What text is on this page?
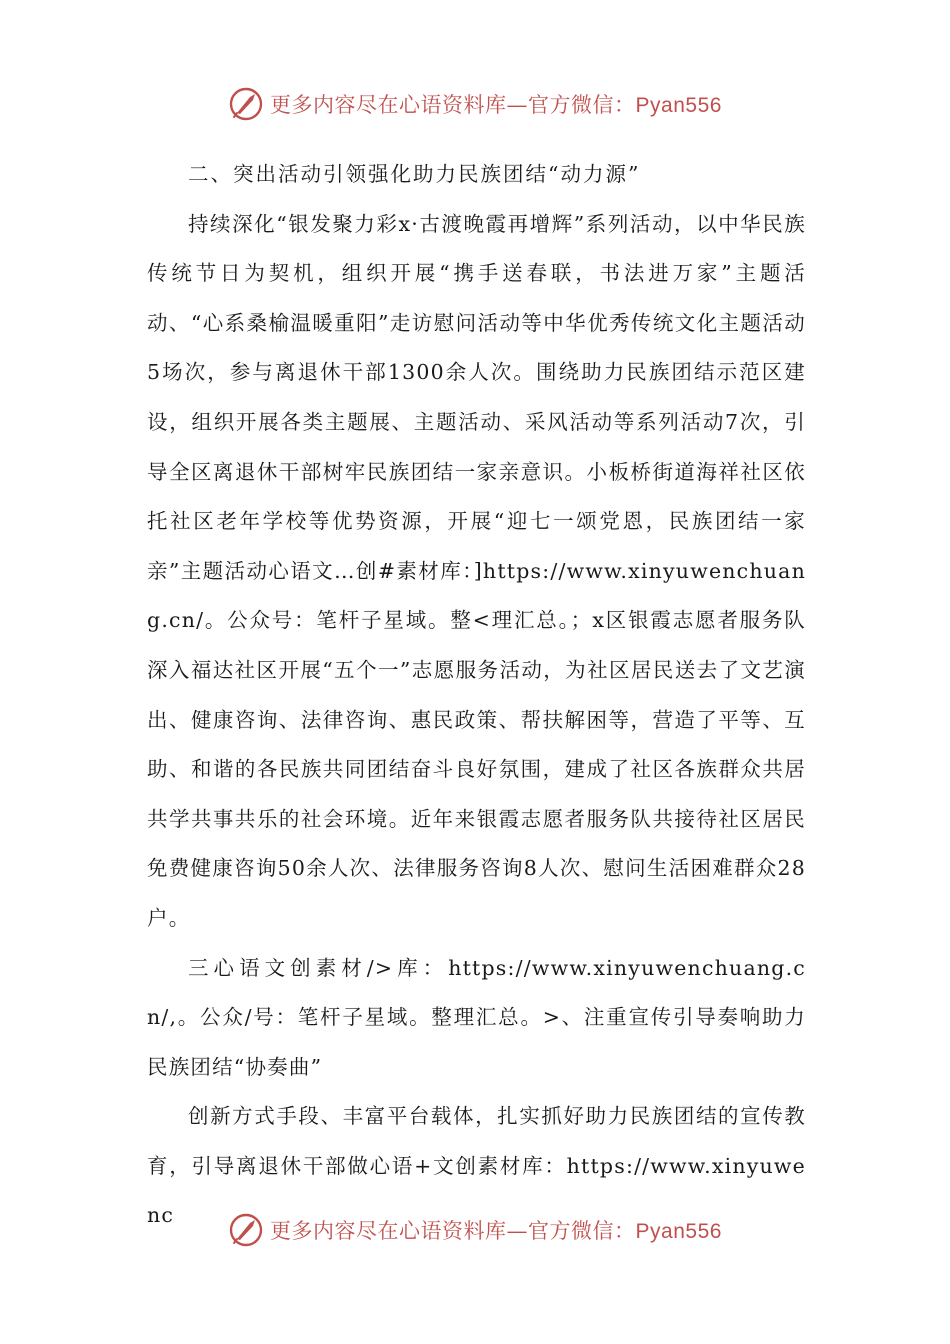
更多内容尽在心语资料库—官方微信：Pyan556

二、突出活动引领强化助力民族团结“动力源”

持续深化“银发聚力彩x·古渡晚霞再增辉”系列活动，以中华民族传统节日为契机，组织开展“携手送春联，书法进万家”主题活动、“心系桑榆温暖重阳”走访慰问活动等中华优秀传统文化主题活动5场次，参与离退休干部1300余人次。围绕助力民族团结示范区建设，组织开展各类主题展、主题活动、采风活动等系列活动7次，引导全区离退休干部树牢民族团结一家亲意识。小板桥街道海祥社区依托社区老年学校等优势资源，开展“迎七一颂党恩，民族团结一家亲”主题活动心语文…创#素材库：]https://www.xinyuwenchuang.cn/。公众号：笔杆子星域。整<理汇总。；x区银霞志愿者服务队深入福达社区开展“五个一”志愿服务活动，为社区居民送去了文艺演出、健康咨询、法律咨询、惠民政策、帮扶解困等，营造了平等、互助、和谐的各民族共同团结奋斗良好氛围，建成了社区各族群众共居共学共事共乐的社会环境。近年来银霞志愿者服务队共接待社区居民免费健康咨询50余人次、法律服务咨询8人次、慰问生活困难群众28户。

三心语文创素材/>库：https://www.xinyuwenchuang.cn/,。公众/号：笔杆子星域。整理汇总。>、注重宣传引导奏响助力民族团结“协奏曲”

创新方式手段、丰富平台载体，扎实抓好助力民族团结的宣传教育，引导离退休干部做心语+文创素材库：https://www.xinyuwenc

更多内容尽在心语资料库—官方微信：Pyan556
